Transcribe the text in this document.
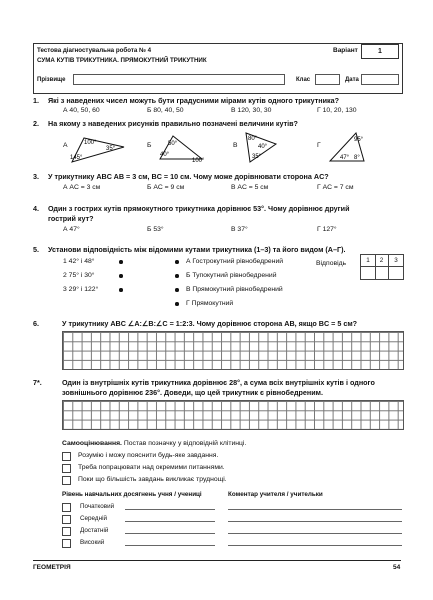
Тестова діагностувальна робота № 4
СУМА КУТІВ ТРИКУТНИКА. ПРЯМОКУТНИЙ ТРИКУТНИК
Варіант	1
Прізвище	Клас	Дата
1. Які з наведених чисел можуть бути градусними мірами кутів одного трикутника?
А 40, 50, 60	Б 80, 40, 50	В 120, 30, 30	Г 10, 20, 130
2. На якому з наведених рисунків правильно позначені величини кутів?
А	100°
35°
145°
Б	50°
40°
100°
В
80°
40°
35°
Г
95°
47° 8°
3. У трикутнику ABC AB = 3 см, BC = 10 см. Чому може дорівнювати сторона AC?
А AC = 3 см	Б AC = 9 см	В AC = 5 см	Г AC = 7 см
4. Один з гострих кутів прямокутного трикутника дорівнює 53°. Чому дорівнює другий
гострий кут?
А 47°	Б 53°	В 37°	Г 127°
5. Установи відповідність між відомими кутами трикутника (1–3) та його видом (А–Г).
1 42° і 48°
2 75° і 30°
3 29° і 122°
А Гострокутний рівнобедрений
Б Тупокутний рівнобедрений
В Прямокутний рівнобедрений
Г Прямокутний
Відповідь	1	2	3
6.	У трикутнику ABC ∠A:∠B:∠C = 1:2:3. Чому дорівнює сторона AB, якщо BC = 5 см?
7*.	Один із внутрішніх кутів трикутника дорівнює 28°, а сума всіх внутрішніх кутів і одного
зовнішнього дорівнює 236°. Доведи, що цей трикутник є рівнобедреним.
Самооцінювання. Постав позначку у відповідній клітинці.
Розумію і можу пояснити будь-яке завдання.
Треба попрацювати над окремими питаннями.
Поки що більшість завдань викликає труднощі.
Рівень навчальних досягнень учня / учениці	Коментар учителя / учительки
Початковий
Середній
Достатній
Високий
ГЕОМЕТРІЯ	54
